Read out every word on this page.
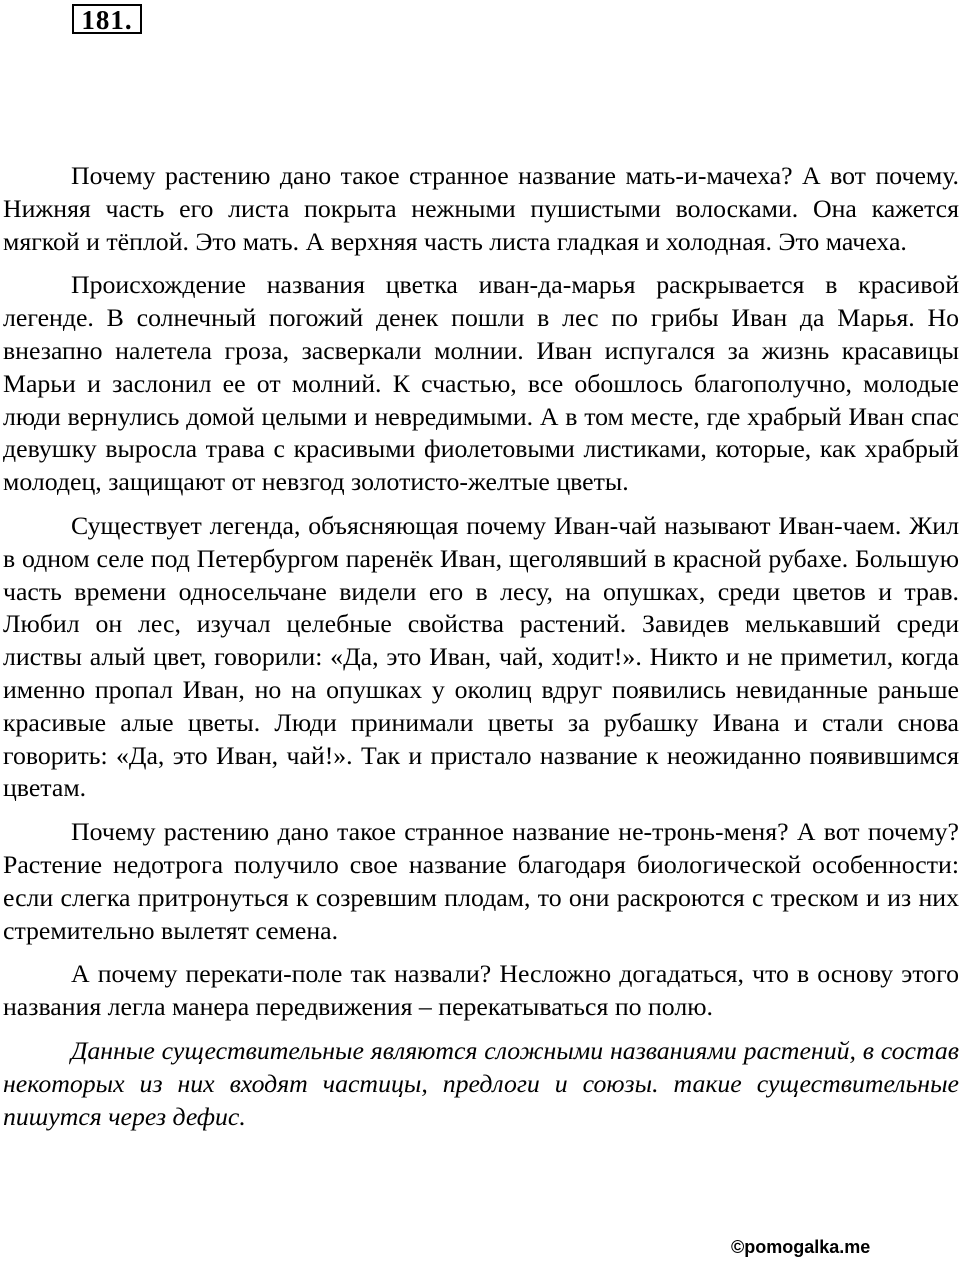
181.

Почему растению дано такое странное название мать-и-мачеха? А вот почему. Нижняя часть его листа покрыта нежными пушистыми волосками. Она кажется мягкой и тёплой. Это мать. А верхняя часть листа гладкая и холодная. Это мачеха.

Происхождение названия цветка иван-да-марья раскрывается в красивой легенде. В солнечный погожий денек пошли в лес по грибы Иван да Марья. Но внезапно налетела гроза, засверкали молнии. Иван испугался за жизнь красавицы Марьи и заслонил ее от молний. К счастью, все обошлось благополучно, молодые люди вернулись домой целыми и невредимыми. А в том месте, где храбрый Иван спас девушку выросла трава с красивыми фиолетовыми листиками, которые, как храбрый молодец, защищают от невзгод золотисто-желтые цветы.

Существует легенда, объясняющая почему Иван-чай называют Иван-чаем. Жил в одном селе под Петербургом паренёк Иван, щеголявший в красной рубахе. Большую часть времени односельчане видели его в лесу, на опушках, среди цветов и трав. Любил он лес, изучал целебные свойства растений. Завидев мелькавший среди листвы алый цвет, говорили: «Да, это Иван, чай, ходит!». Никто и не приметил, когда именно пропал Иван, но на опушках у околиц вдруг появились невиданные раньше красивые алые цветы. Люди принимали цветы за рубашку Ивана и стали снова говорить: «Да, это Иван, чай!». Так и пристало название к неожиданно появившимся цветам.

Почему растению дано такое странное название не-тронь-меня? А вот почему? Растение недотрога получило свое название благодаря биологической особенности: если слегка притронуться к созревшим плодам, то они раскроются с треском и из них стремительно вылетят семена.

А почему перекати-поле так назвали? Несложно догадаться, что в основу этого названия легла манера передвижения – перекатываться по полю.

Данные существительные являются сложными названиями растений, в состав некоторых из них входят частицы, предлоги и союзы. такие существительные пишутся через дефис.

©pomogalka.me
